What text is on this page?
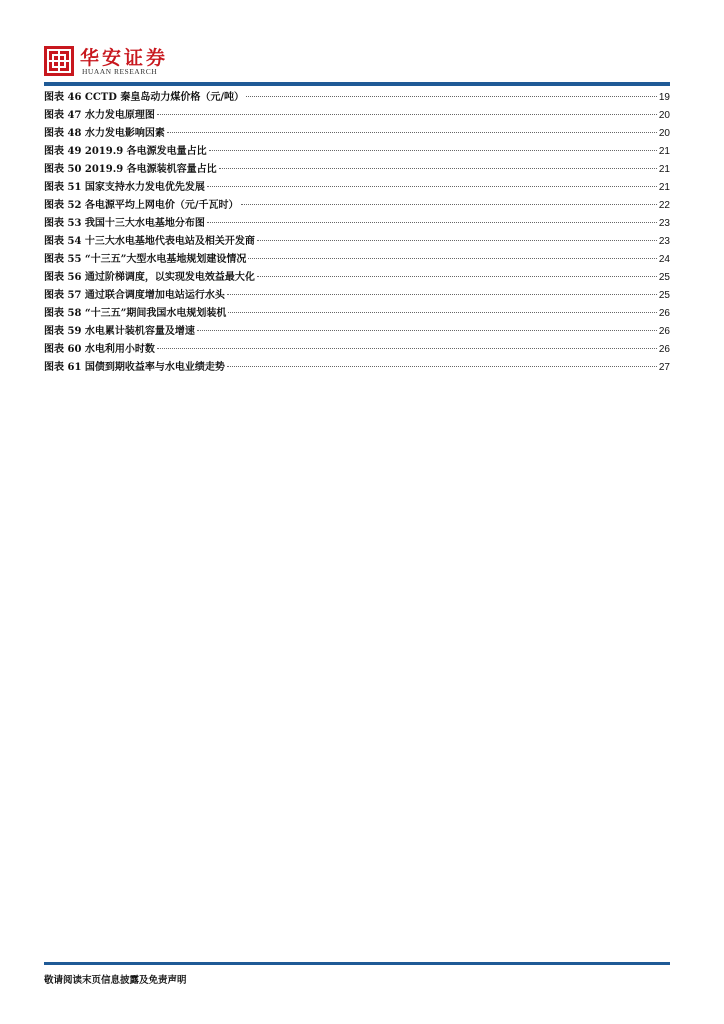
华安证券
HUAAN RESEARCH
图表 46 CCTD 秦皇岛动力煤价格（元/吨）	19
图表 47 水力发电原理图	20
图表 48 水力发电影响因素	20
图表 49 2019.9 各电源发电量占比	21
图表 50 2019.9 各电源装机容量占比	21
图表 51 国家支持水力发电优先发展	21
图表 52 各电源平均上网电价（元/千瓦时）	22
图表 53 我国十三大水电基地分布图	23
图表 54 十三大水电基地代表电站及相关开发商	23
图表 55 “十三五”大型水电基地规划建设情况	24
图表 56 通过阶梯调度，以实现发电效益最大化	25
图表 57 通过联合调度增加电站运行水头	25
图表 58 “十三五”期间我国水电规划装机	26
图表 59 水电累计装机容量及增速	26
图表 60 水电利用小时数	26
图表 61 国债到期收益率与水电业绩走势	27
敬请阅读末页信息披露及免责声明
